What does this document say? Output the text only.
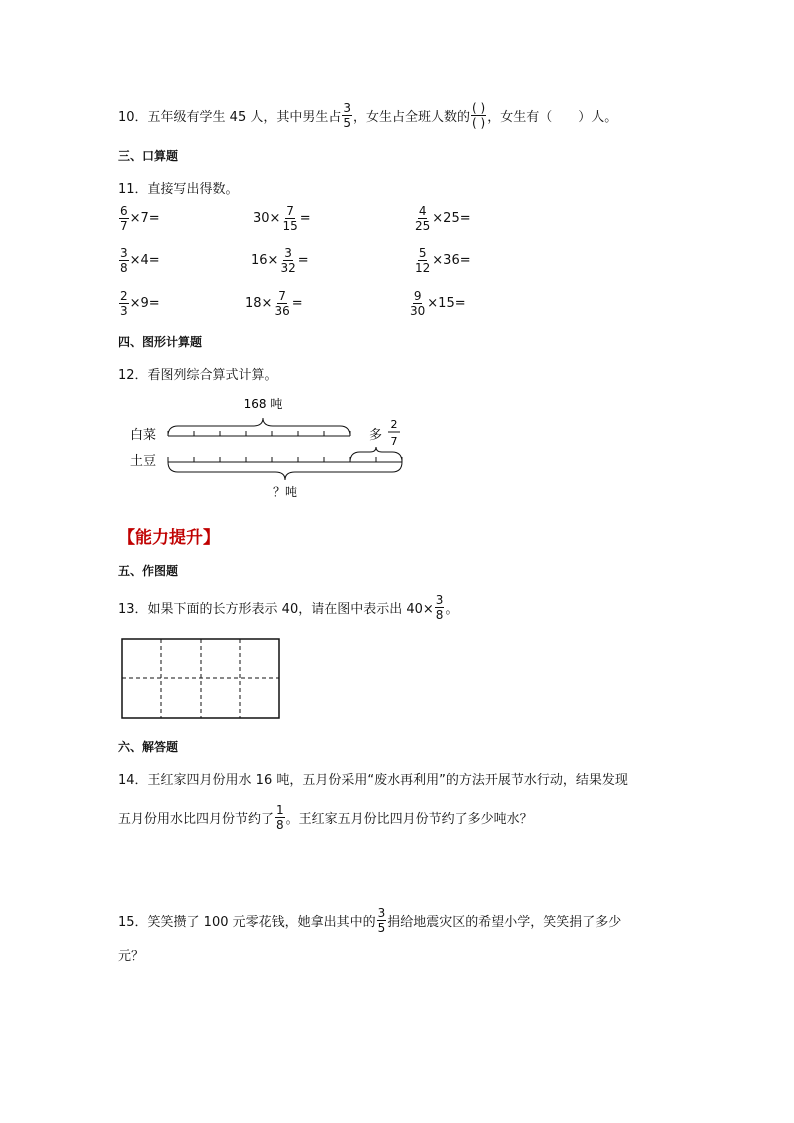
10．五年级有学生 45 人，其中男生占 $\frac{3}{5}$ ，女生占全班人数的 $\frac{( )}{( )}$ ，女生有（　　）人。
三、口算题
11．直接写出得数。
$\frac{6}{7} \times 7=$	$30\times \frac{7}{15}$ =	$\frac{4}{25} \times 25=$
$\frac{3}{8} \times 4=$	$16\times \frac{3}{32}$ =	$\frac{5}{12} \times 36=$
$\frac{2}{3} \times 9=$	$18\times \frac{7}{36}$ =	$\frac{9}{30} \times 15=$
四、图形计算题
12．看图列综合算式计算。
168 吨
白菜	多
2
7
土豆
？吨
【能力提升】
五、作图题
13．如果下面的长方形表示 40，请在图中表示出 $40\times \frac{3}{8}$ 。
六、解答题
14．王红家四月份用水 16 吨，五月份采用“废水再利用”的方法开展节水行动，结果发现
五月份用水比四月份节约了 $\frac{1}{8}$ 。王红家五月份比四月份节约了多少吨水？
15．笑笑攒了 100 元零花钱，她拿出其中的 $\frac{3}{5}$ 捐给地震灾区的希望小学，笑笑捐了多少
元？
